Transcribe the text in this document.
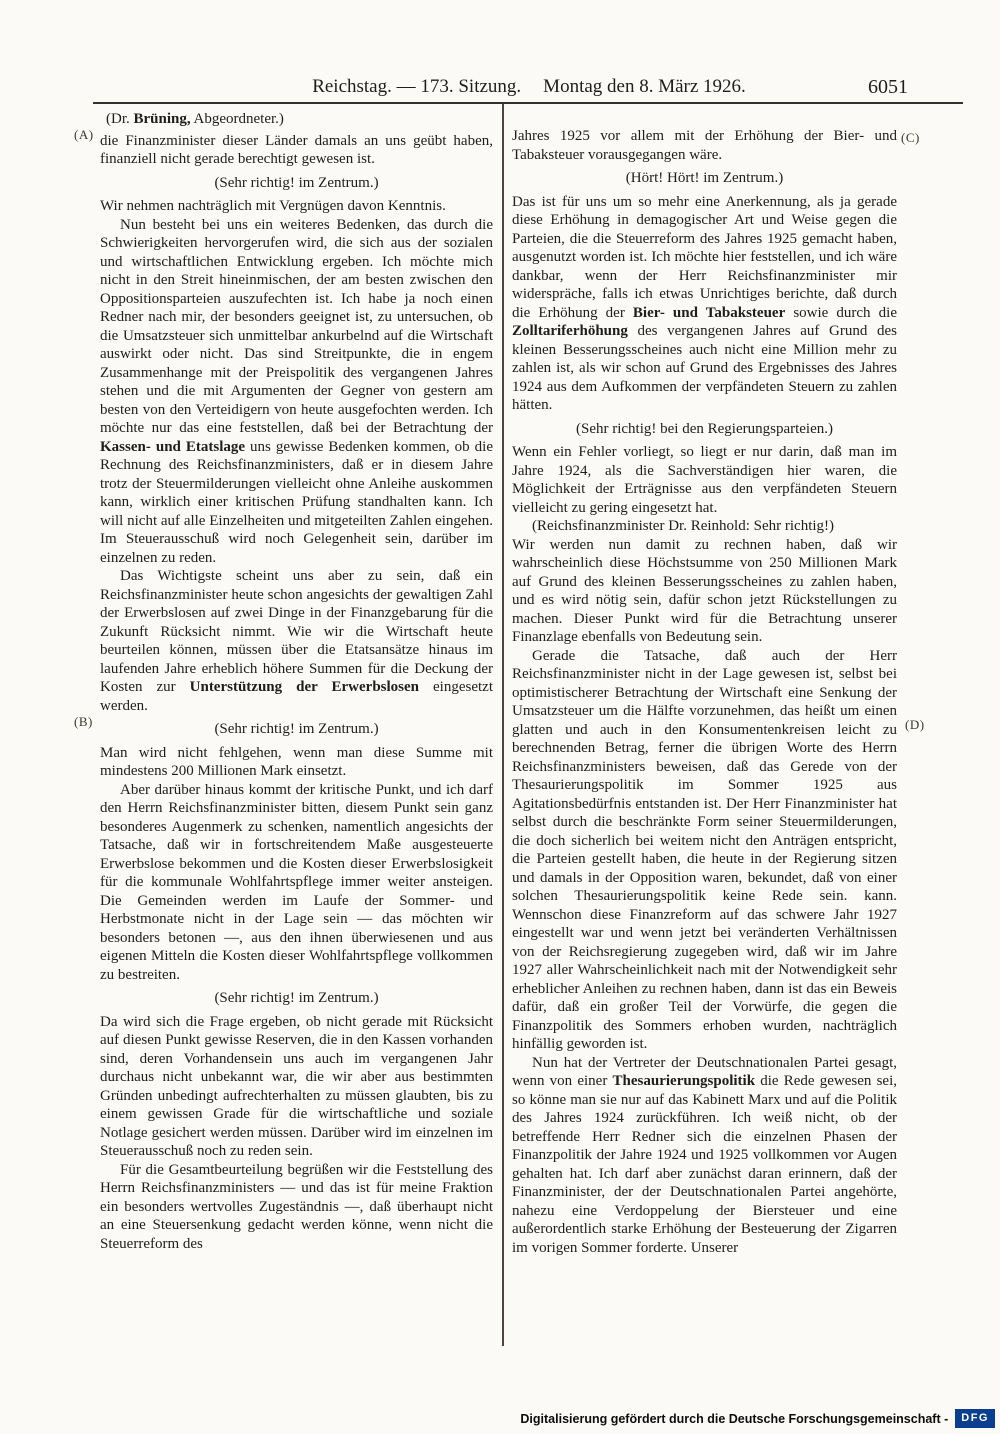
Reichstag. — 173. Sitzung. Montag den 8. März 1926.	6051
(A)
(B)
(C)
(D)
(Dr. Brüning, Abgeordneter.)
die Finanzminister dieser Länder damals an uns geübt haben, finanziell nicht gerade berechtigt gewesen ist.
(Sehr richtig! im Zentrum.)
Wir nehmen nachträglich mit Vergnügen davon Kenntnis.
Nun besteht bei uns ein weiteres Bedenken, das durch die Schwierigkeiten hervorgerufen wird, die sich aus der sozialen und wirtschaftlichen Entwicklung ergeben. Ich möchte mich nicht in den Streit hineinmischen, der am besten zwischen den Oppositionsparteien auszufechten ist. Ich habe ja noch einen Redner nach mir, der besonders geeignet ist, zu untersuchen, ob die Umsatzsteuer sich unmittelbar ankurbelnd auf die Wirtschaft auswirkt oder nicht. Das sind Streitpunkte, die in engem Zusammenhange mit der Preispolitik des vergangenen Jahres stehen und die mit Argumenten der Gegner von gestern am besten von den Verteidigern von heute ausgefochten werden. Ich möchte nur das eine feststellen, daß bei der Betrachtung der Kassen- und Etatslage uns gewisse Bedenken kommen, ob die Rechnung des Reichsfinanzministers, daß er in diesem Jahre trotz der Steuermilderungen vielleicht ohne Anleihe auskommen kann, wirklich einer kritischen Prüfung standhalten kann. Ich will nicht auf alle Einzelheiten und mitgeteilten Zahlen eingehen. Im Steuerausschuß wird noch Gelegenheit sein, darüber im einzelnen zu reden.
Das Wichtigste scheint uns aber zu sein, daß ein Reichsfinanzminister heute schon angesichts der gewaltigen Zahl der Erwerbslosen auf zwei Dinge in der Finanzgebarung für die Zukunft Rücksicht nimmt. Wie wir die Wirtschaft heute beurteilen können, müssen über die Etatsansätze hinaus im laufenden Jahre erheblich höhere Summen für die Deckung der Kosten zur Unterstützung der Erwerbslosen eingesetzt werden.
(Sehr richtig! im Zentrum.)
Man wird nicht fehlgehen, wenn man diese Summe mit mindestens 200 Millionen Mark einsetzt.
Aber darüber hinaus kommt der kritische Punkt, und ich darf den Herrn Reichsfinanzminister bitten, diesem Punkt sein ganz besonderes Augenmerk zu schenken, namentlich angesichts der Tatsache, daß wir in fortschreitendem Maße ausgesteuerte Erwerbslose bekommen und die Kosten dieser Erwerbslosigkeit für die kommunale Wohlfahrtspflege immer weiter ansteigen. Die Gemeinden werden im Laufe der Sommer- und Herbstmonate nicht in der Lage sein — das möchten wir besonders betonen —, aus den ihnen überwiesenen und aus eigenen Mitteln die Kosten dieser Wohlfahrtspflege vollkommen zu bestreiten.
(Sehr richtig! im Zentrum.)
Da wird sich die Frage ergeben, ob nicht gerade mit Rücksicht auf diesen Punkt gewisse Reserven, die in den Kassen vorhanden sind, deren Vorhandensein uns auch im vergangenen Jahr durchaus nicht unbekannt war, die wir aber aus bestimmten Gründen unbedingt aufrechterhalten zu müssen glaubten, bis zu einem gewissen Grade für die wirtschaftliche und soziale Notlage gesichert werden müssen. Darüber wird im einzelnen im Steuerausschuß noch zu reden sein.
Für die Gesamtbeurteilung begrüßen wir die Feststellung des Herrn Reichsfinanzministers — und das ist für meine Fraktion ein besonders wertvolles Zugeständnis —, daß überhaupt nicht an eine Steuersenkung gedacht werden könne, wenn nicht die Steuerreform des
Jahres 1925 vor allem mit der Erhöhung der Bier- und Tabaksteuer vorausgegangen wäre.
(Hört! Hört! im Zentrum.)
Das ist für uns um so mehr eine Anerkennung, als ja gerade diese Erhöhung in demagogischer Art und Weise gegen die Parteien, die die Steuerreform des Jahres 1925 gemacht haben, ausgenutzt worden ist. Ich möchte hier feststellen, und ich wäre dankbar, wenn der Herr Reichsfinanzminister mir widerspräche, falls ich etwas Unrichtiges berichte, daß durch die Erhöhung der Bier- und Tabaksteuer sowie durch die Zolltariferhöhung des vergangenen Jahres auf Grund des kleinen Besserungsscheines auch nicht eine Million mehr zu zahlen ist, als wir schon auf Grund des Ergebnisses des Jahres 1924 aus dem Aufkommen der verpfändeten Steuern zu zahlen hätten.
(Sehr richtig! bei den Regierungsparteien.)
Wenn ein Fehler vorliegt, so liegt er nur darin, daß man im Jahre 1924, als die Sachverständigen hier waren, die Möglichkeit der Erträgnisse aus den verpfändeten Steuern vielleicht zu gering eingesetzt hat.
(Reichsfinanzminister Dr. Reinhold: Sehr richtig!)
Wir werden nun damit zu rechnen haben, daß wir wahrscheinlich diese Höchstsumme von 250 Millionen Mark auf Grund des kleinen Besserungsscheines zu zahlen haben, und es wird nötig sein, dafür schon jetzt Rückstellungen zu machen. Dieser Punkt wird für die Betrachtung unserer Finanzlage ebenfalls von Bedeutung sein.
Gerade die Tatsache, daß auch der Herr Reichsfinanzminister nicht in der Lage gewesen ist, selbst bei optimistischerer Betrachtung der Wirtschaft eine Senkung der Umsatzsteuer um die Hälfte vorzunehmen, das heißt um einen glatten und auch in den Konsumentenkreisen leicht zu berechnenden Betrag, ferner die übrigen Worte des Herrn Reichsfinanzministers beweisen, daß das Gerede von der Thesaurierungspolitik im Sommer 1925 aus Agitationsbedürfnis entstanden ist. Der Herr Finanzminister hat selbst durch die beschränkte Form seiner Steuermilderungen, die doch sicherlich bei weitem nicht den Anträgen entspricht, die Parteien gestellt haben, die heute in der Regierung sitzen und damals in der Opposition waren, bekundet, daß von einer solchen Thesaurierungspolitik keine Rede sein. kann. Wennschon diese Finanzreform auf das schwere Jahr 1927 eingestellt war und wenn jetzt bei veränderten Verhältnissen von der Reichsregierung zugegeben wird, daß wir im Jahre 1927 aller Wahrscheinlichkeit nach mit der Notwendigkeit sehr erheblicher Anleihen zu rechnen haben, dann ist das ein Beweis dafür, daß ein großer Teil der Vorwürfe, die gegen die Finanzpolitik des Sommers erhoben wurden, nachträglich hinfällig geworden ist.
Nun hat der Vertreter der Deutschnationalen Partei gesagt, wenn von einer Thesaurierungspolitik die Rede gewesen sei, so könne man sie nur auf das Kabinett Marx und auf die Politik des Jahres 1924 zurückführen. Ich weiß nicht, ob der betreffende Herr Redner sich die einzelnen Phasen der Finanzpolitik der Jahre 1924 und 1925 vollkommen vor Augen gehalten hat. Ich darf aber zunächst daran erinnern, daß der Finanzminister, der der Deutschnationalen Partei angehörte, nahezu eine Verdoppelung der Biersteuer und eine außerordentlich starke Erhöhung der Besteuerung der Zigarren im vorigen Sommer forderte. Unserer
Digitalisierung gefördert durch die Deutsche Forschungsgemeinschaft -	DFG
